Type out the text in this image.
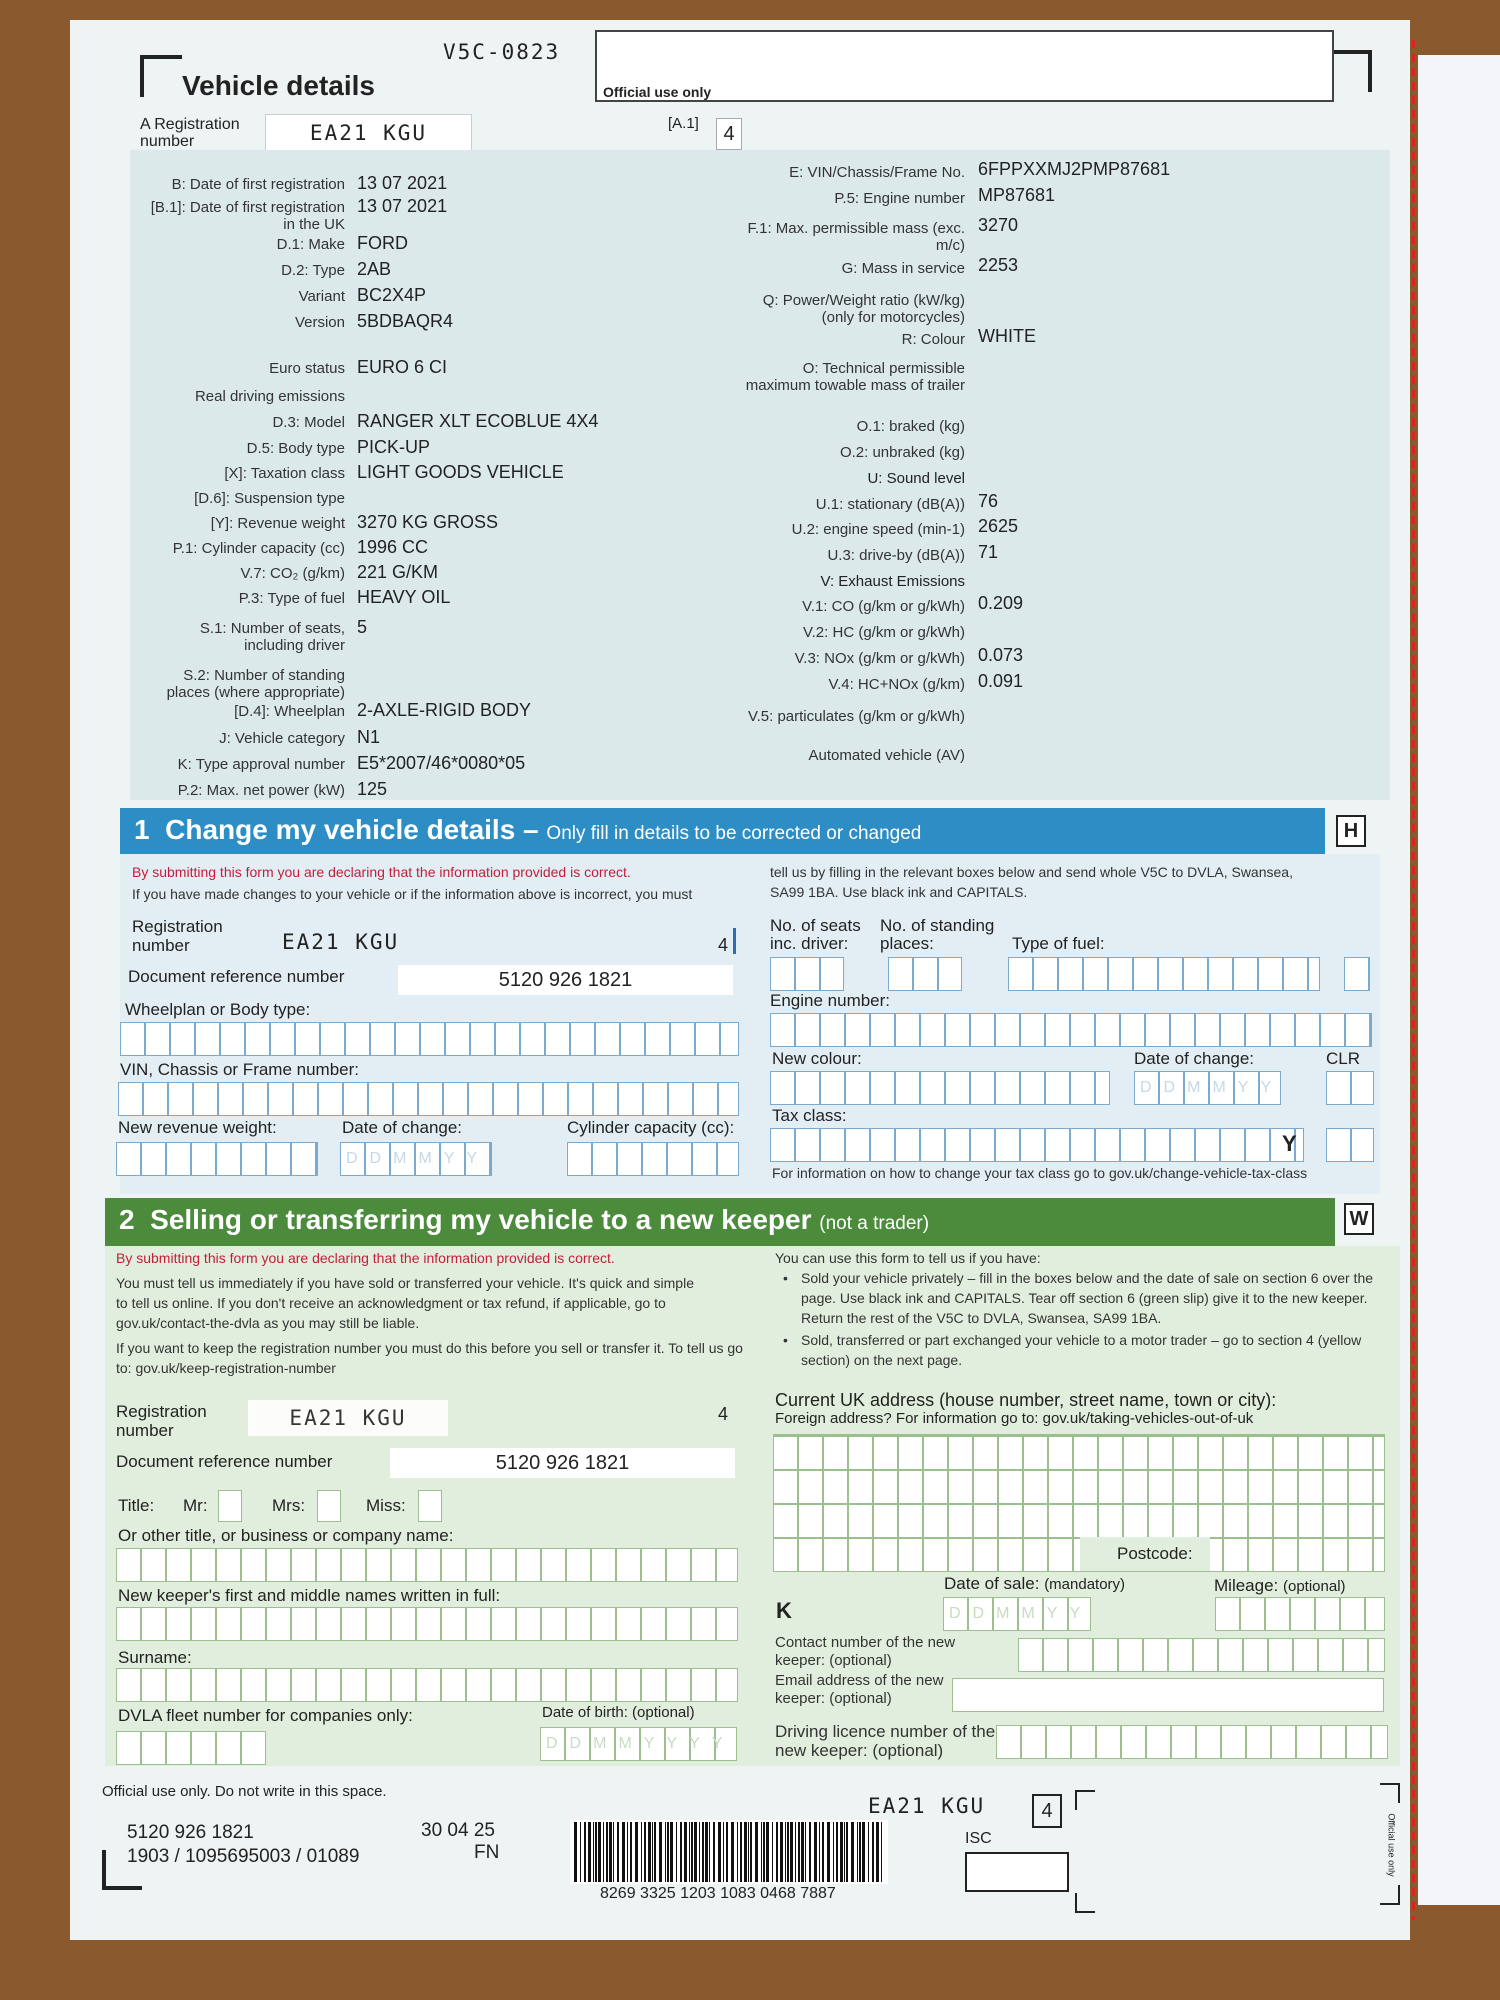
V5C-0823
Vehicle details	Official use only
A Registration number	EA21 KGU	[A.1]	4
B: Date of first registration 13 07 2021
[B.1]: Date of first registration in the UK
13 07 2021
D.1: Make FORD
D.2: Type 2AB
Variant BC2X4P
Version 5BDBAQR4
Euro status EURO 6 CI
Real driving emissions
D.3: Model RANGER XLT ECOBLUE 4X4
D.5: Body type PICK-UP
[X]: Taxation class LIGHT GOODS VEHICLE
[D.6]: Suspension type
[Y]: Revenue weight 3270 KG GROSS
P.1: Cylinder capacity (cc) 1996 CC
V.7: CO₂ (g/km) 221 G/KM
P.3: Type of fuel HEAVY OIL
S.1: Number of seats, including driver
5
S.2: Number of standing places (where appropriate)
[D.4]: Wheelplan 2-AXLE-RIGID BODY
J: Vehicle category N1
K: Type approval number E5*2007/46*0080*05
P.2: Max. net power (kW) 125
E: VIN/Chassis/Frame No. 6FPPXXMJ2PMP87681
P.5: Engine number MP87681
F.1: Max. permissible mass (exc. m/c)
3270
G: Mass in service 2253
Q: Power/Weight ratio (kW/kg) (only for motorcycles)
R: Colour WHITE
O: Technical permissible maximum towable mass of trailer
O.1: braked (kg)
O.2: unbraked (kg)
U: Sound level
U.1: stationary (dB(A)) 76
U.2: engine speed (min-1) 2625
U.3: drive-by (dB(A)) 71
V: Exhaust Emissions
V.1: CO (g/km or g/kWh) 0.209
V.2: HC (g/km or g/kWh)
V.3: NOx (g/km or g/kWh) 0.073
V.4: HC+NOx (g/km) 0.091
V.5: particulates (g/km or g/kWh)
Automated vehicle (AV)
1 Change my vehicle details – Only fill in details to be corrected or changed	H
By submitting this form you are declaring that the information provided is correct.
If you have made changes to your vehicle or if the information above is incorrect, you must
tell us by filling in the relevant boxes below and send whole V5C to DVLA, Swansea, SA99 1BA. Use black ink and CAPITALS.
Registration number	EA21 KGU	4
Document reference number	5120 926 1821
Wheelplan or Body type:
VIN, Chassis or Frame number:
New revenue weight:	Date of change:	Cylinder capacity (cc):
DDMMYY
No. of seats inc. driver:
No. of standing places:	Type of fuel:
Engine number:
New colour:	Date of change:	CLR
DDMMYY
Tax class:
Y
For information on how to change your tax class go to gov.uk/change-vehicle-tax-class
2 Selling or transferring my vehicle to a new keeper (not a trader)	W
By submitting this form you are declaring that the information provided is correct.
You must tell us immediately if you have sold or transferred your vehicle. It's quick and simple to tell us online. If you don't receive an acknowledgment or tax refund, if applicable, go to gov.uk/contact-the-dvla as you may still be liable.
If you want to keep the registration number you must do this before you sell or transfer it. To tell us go to: gov.uk/keep-registration-number
You can use this form to tell us if you have:
• Sold your vehicle privately – fill in the boxes below and the date of sale on section 6 over the page. Use black ink and CAPITALS. Tear off section 6 (green slip) give it to the new keeper. Return the rest of the V5C to DVLA, Swansea, SA99 1BA.
• Sold, transferred or part exchanged your vehicle to a motor trader – go to section 4 (yellow section) on the next page.
Registration number
EA21 KGU	4
Document reference number	5120 926 1821
Title: Mr:	Mrs:	Miss:
Or other title, or business or company name:
New keeper's first and middle names written in full:
Surname:
DVLA fleet number for companies only:	Date of birth: (optional)
DDMMYYYY
Current UK address (house number, street name, town or city):
Foreign address? For information go to: gov.uk/taking-vehicles-out-of-uk
Postcode:
Date of sale: (mandatory)	Mileage: (optional)
K	DDMMYY
Contact number of the new keeper: (optional)
Email address of the new keeper: (optional)
Driving licence number of the new keeper: (optional)
Official use only. Do not write in this space.
5120 926 1821
1903 / 1095695003 / 01089
30 04 25
FN
8269 3325 1203 1083 0468 7887
EA21 KGU	4
ISC	Official use only
